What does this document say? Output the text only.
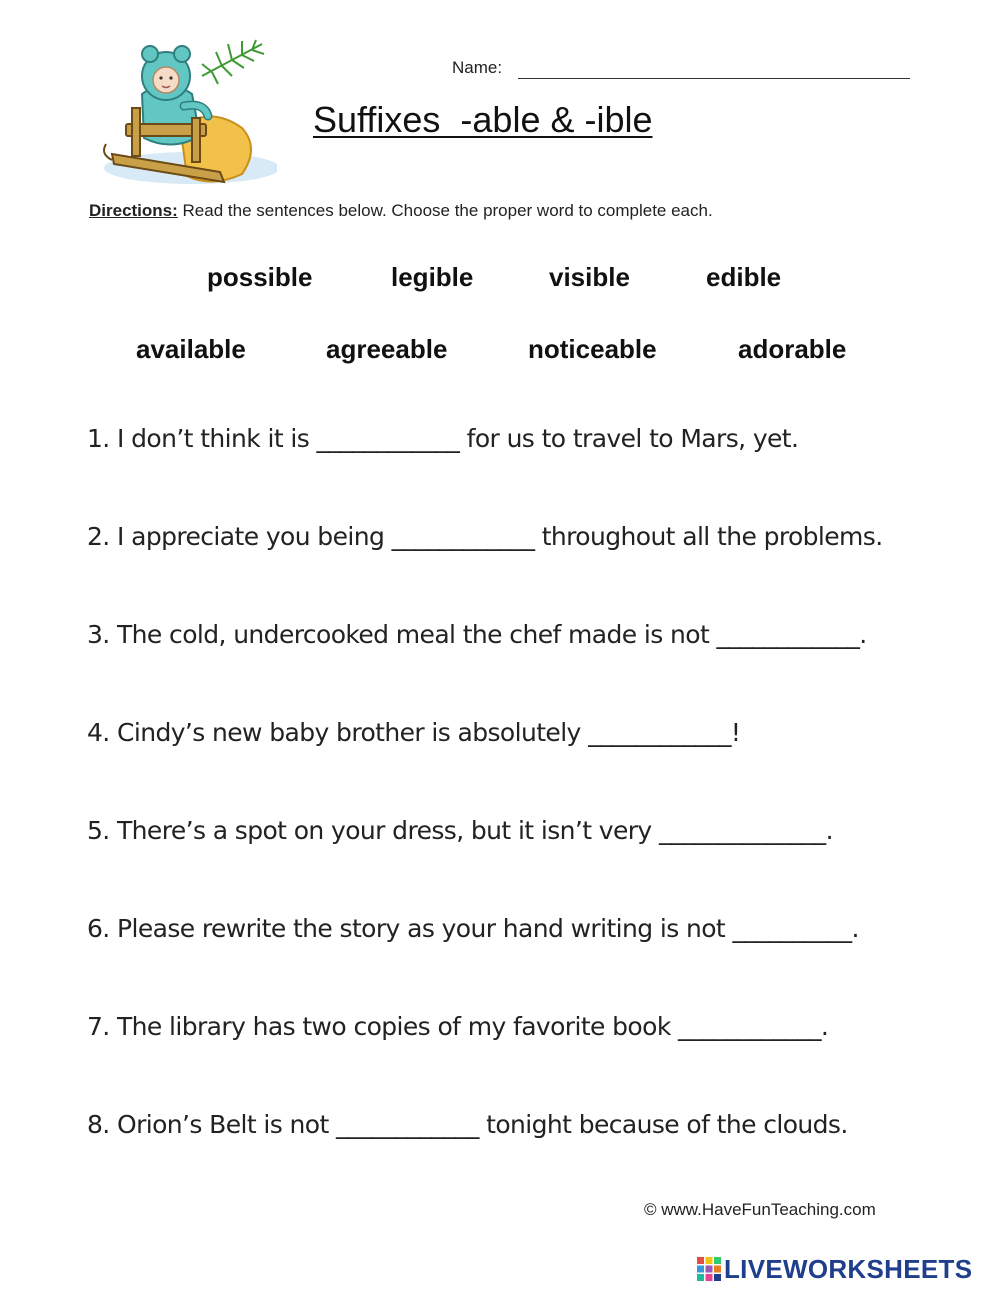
Name:
Suffixes  -able & -ible
Directions: Read the sentences below. Choose the proper word to complete each.
possible	legible	visible	edible
available	agreeable	noticeable	adorable
1. I don’t think it is ____________ for us to travel to Mars, yet.
2. I appreciate you being ____________ throughout all the problems.
3. The cold, undercooked meal the chef made is not ____________.
4. Cindy’s new baby brother is absolutely ____________!
5. There’s a spot on your dress, but it isn’t very ______________.
6. Please rewrite the story as your hand writing is not __________.
7. The library has two copies of my favorite book ____________.
8. Orion’s Belt is not ____________ tonight because of the clouds.
© www.HaveFunTeaching.com
LIVEWORKSHEETS
